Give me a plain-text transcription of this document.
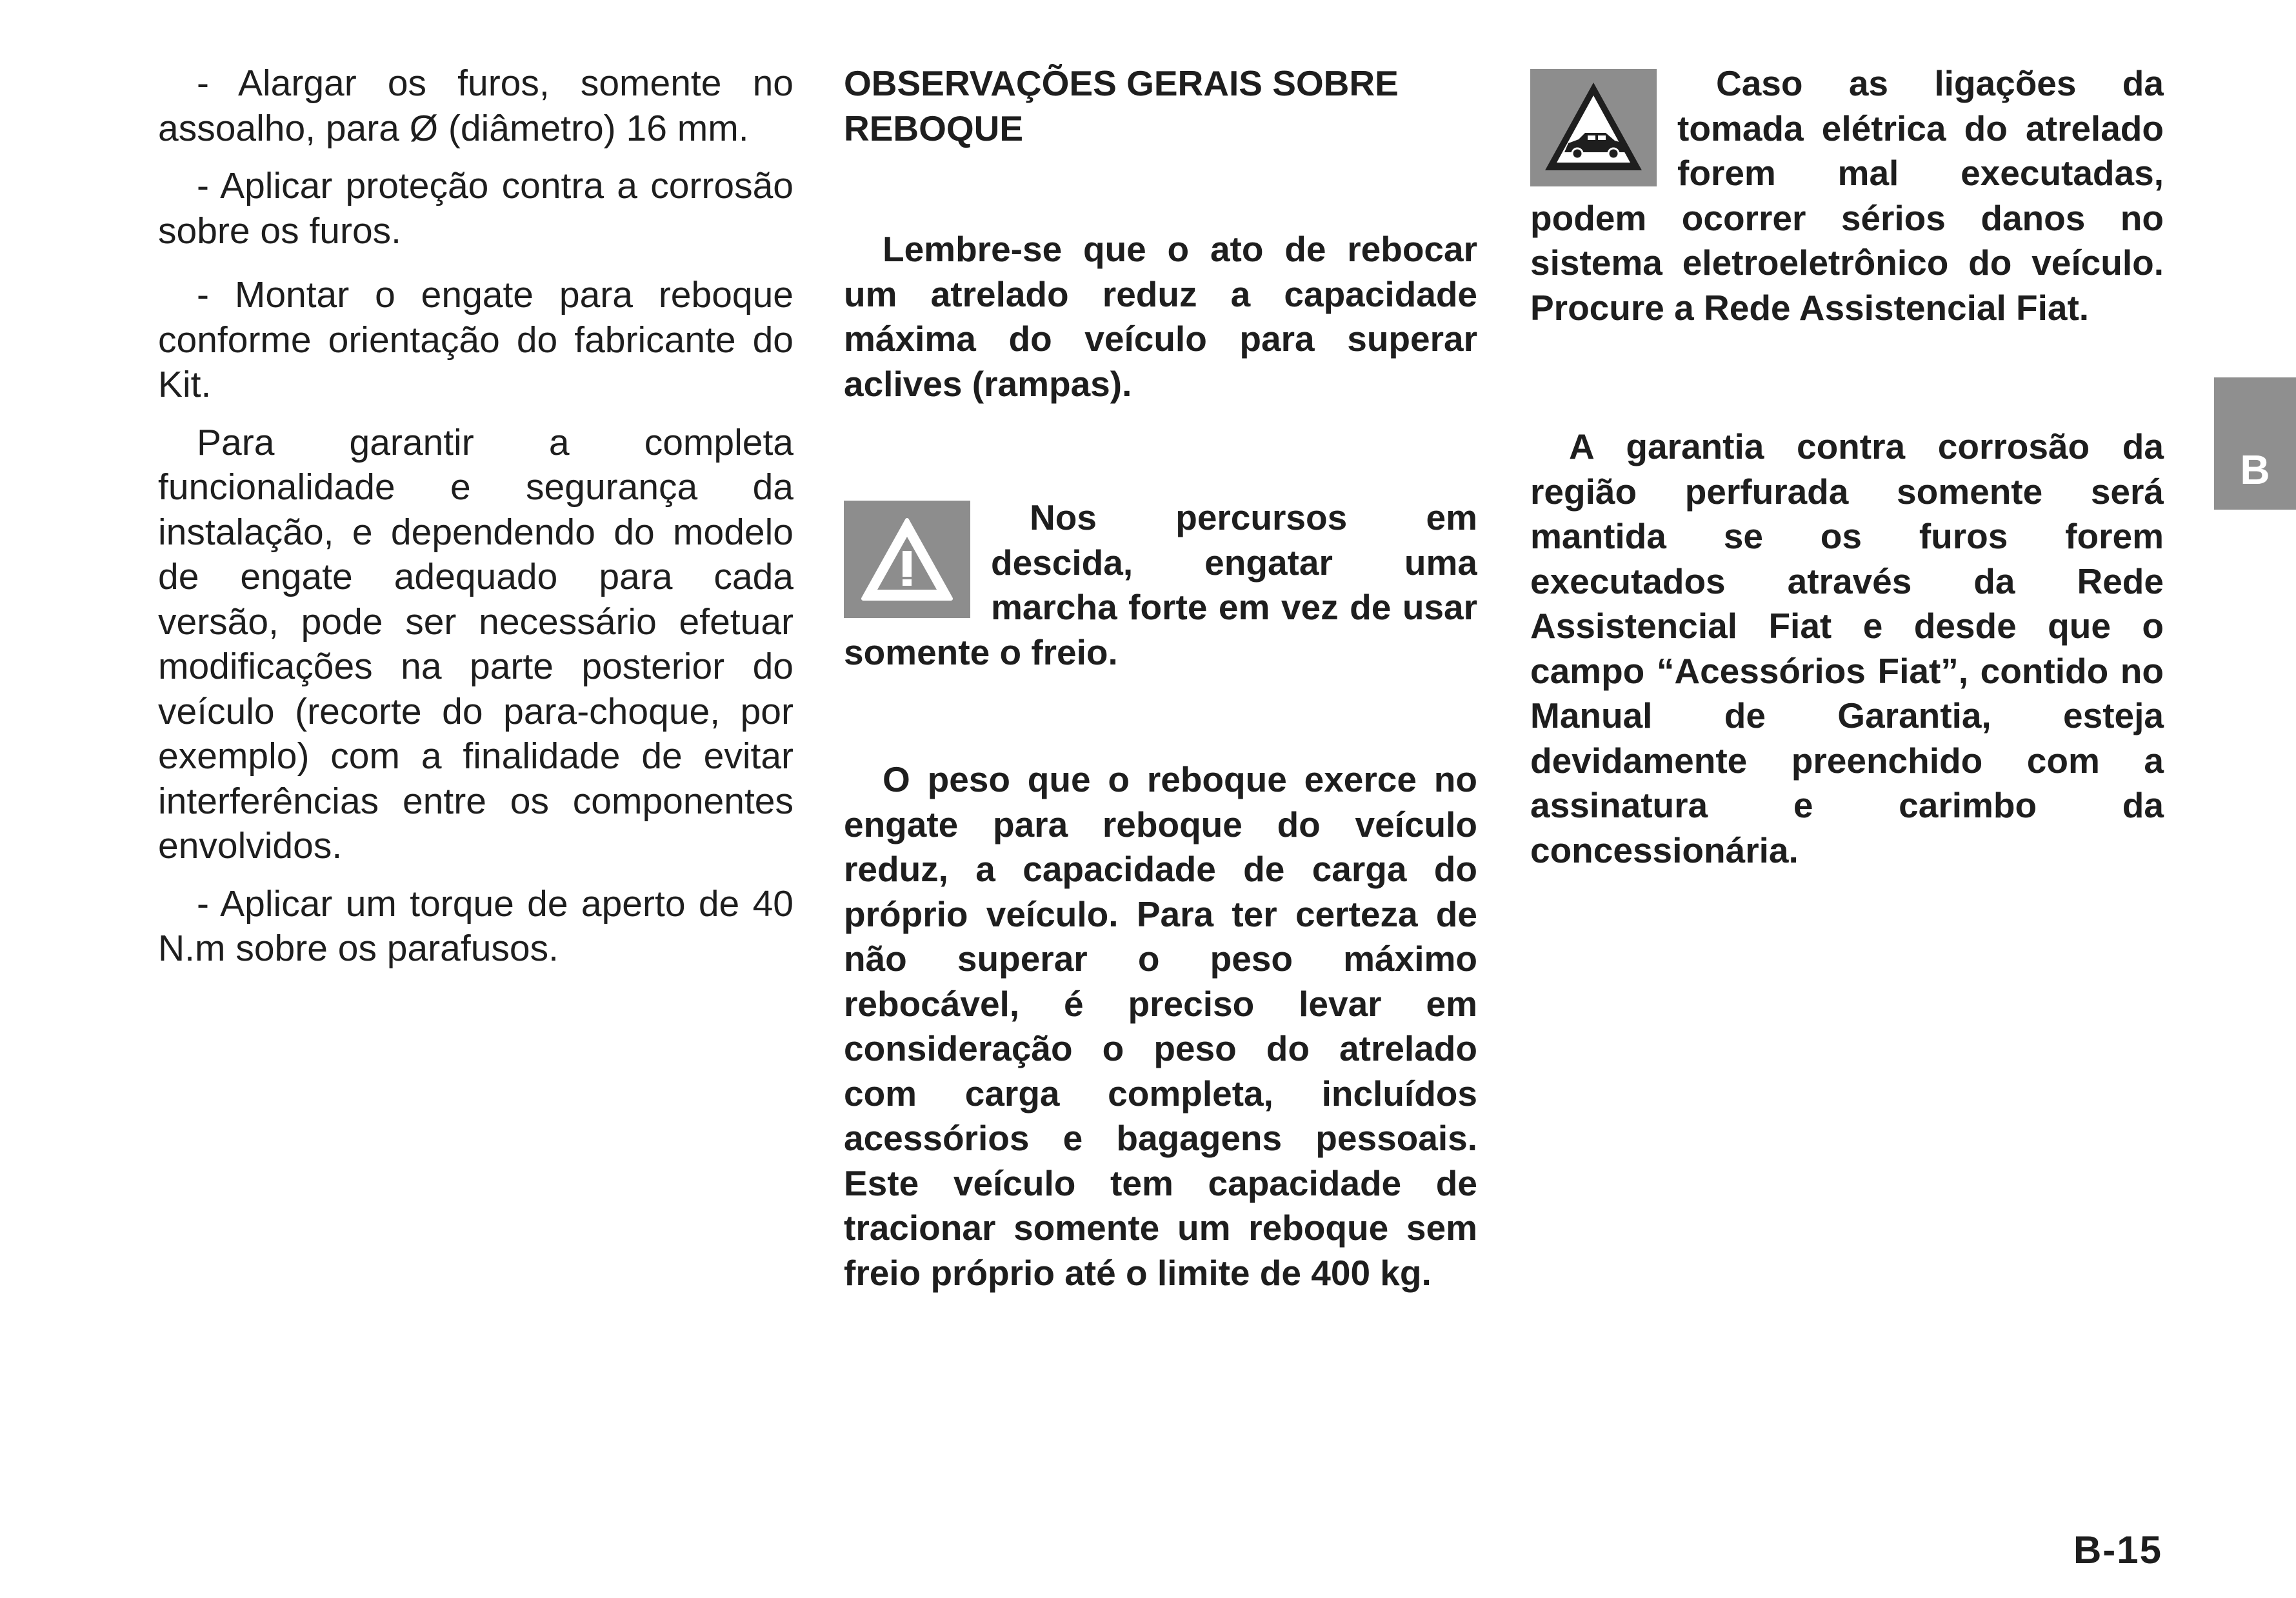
- Alargar os furos, somente no assoalho, para Ø (diâmetro) 16 mm.

- Aplicar proteção contra a corrosão sobre os furos.

- Montar o engate para reboque conforme orientação do fabricante do Kit.

Para garantir a completa funcionalidade e segurança da instalação, e dependendo do modelo de engate adequado para cada versão, pode ser necessário efetuar modificações na parte posterior do veículo (recorte do para-choque, por exemplo) com a finalidade de evitar interferências entre os componentes envolvidos.

- Aplicar um torque de aperto de 40 N.m sobre os parafusos.

OBSERVAÇÕES GERAIS SOBRE REBOQUE

Lembre-se que o ato de rebocar um atrelado reduz a capacidade máxima do veículo para superar aclives (rampas).

Nos percursos em descida, engatar uma marcha forte em vez de usar somente o freio.

O peso que o reboque exerce no engate para reboque do veículo reduz, a capacidade de carga do próprio veículo. Para ter certeza de não superar o peso máximo rebocável, é preciso levar em consideração o peso do atrelado com carga completa, incluídos acessórios e bagagens pessoais. Este veículo tem capacidade de tracionar somente um reboque sem freio próprio até o limite de 400 kg.

Caso as ligações da tomada elétrica do atrelado forem mal executadas, podem ocorrer sérios danos no sistema eletroeletrônico do veículo. Procure a Rede Assistencial Fiat.

A garantia contra corrosão da região perfurada somente será mantida se os furos forem executados através da Rede Assistencial Fiat e desde que o campo “Acessórios Fiat”, contido no Manual de Garantia, esteja devidamente preenchido com a assinatura e carimbo da concessionária.

B
B-15
